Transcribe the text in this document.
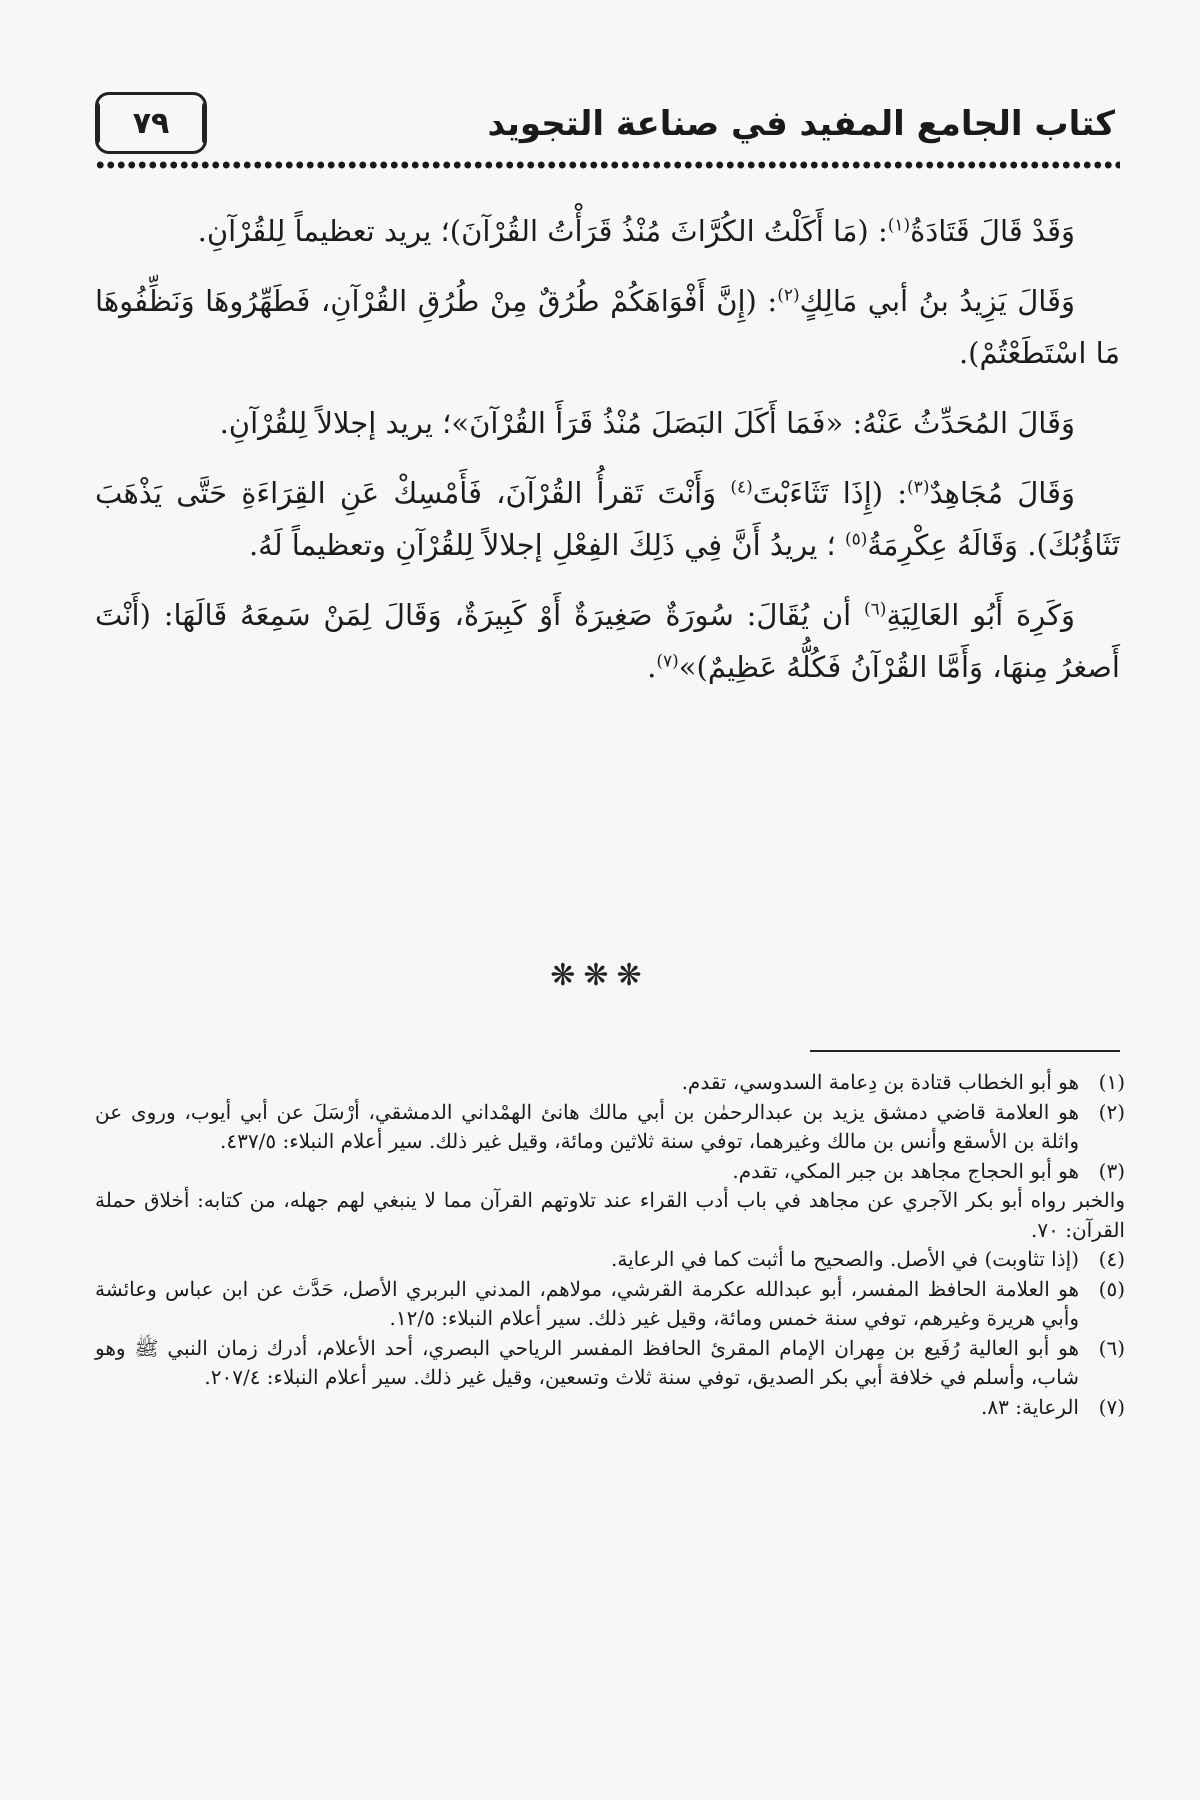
كتاب الجامع المفيد في صناعة التجويد
٧٩

وَقَدْ قَالَ قَتَادَةُ$^{(١)}$: (مَا أَكَلْتُ الكُرَّاثَ مُنْذُ قَرَأْتُ القُرْآنَ)؛ يريد تعظيماً لِلقُرْآنِ.

وَقَالَ يَزِيدُ بنُ أبي مَالِكٍ$^{(٢)}$: (إِنَّ أَفْوَاهَكُمْ طُرُقٌ مِنْ طُرُقِ القُرْآنِ، فَطَهِّرُوهَا وَنَظِّفُوهَا مَا اسْتَطَعْتُمْ).

وَقَالَ المُحَدِّثُ عَنْهُ: «فَمَا أَكَلَ البَصَلَ مُنْذُ قَرَأَ القُرْآنَ»؛ يريد إجلالاً لِلقُرْآنِ.

وَقَالَ مُجَاهِدٌ$^{(٣)}$: (إِذَا تَثَاءَبْتَ$^{(٤)}$ وَأَنْتَ تَقرأُ القُرْآنَ، فَأَمْسِكْ عَنِ القِرَاءَةِ حَتَّى يَذْهَبَ تَثَاؤُبُكَ). وَقَالَهُ عِكْرِمَةُ$^{(٥)}$ ؛ يريدُ أَنَّ فِي ذَلِكَ الفِعْلِ إجلالاً لِلقُرْآنِ وتعظيماً لَهُ.

وَكَرِهَ أَبُو العَالِيَةِ$^{(٦)}$ أن يُقَالَ: سُورَةٌ صَغِيرَةٌ أَوْ كَبِيرَةٌ، وَقَالَ لِمَنْ سَمِعَهُ قَالَهَا: (أَنْتَ أَصغرُ مِنهَا، وَأَمَّا القُرْآنُ فَكُلُّهُ عَظِيمٌ)»$^{(٧)}$.

❋❋❋
(١)

هو أبو الخطاب قتادة بن دِعامة السدوسي، تقدم.

(٢)

هو العلامة قاضي دمشق يزيد بن عبدالرحمٰن بن أبي مالك هانئ الهمْداني الدمشقي، أرْسَلَ عن أبي أيوب، وروى عن واثلة بن الأسقع وأنس بن مالك وغيرهما، توفي سنة ثلاثين ومائة، وقيل غير ذلك. سير أعلام النبلاء: ٤٣٧/٥.

(٣)

هو أبو الحجاج مجاهد بن جبر المكي، تقدم.

والخبر رواه أبو بكر الآجري عن مجاهد في باب أدب القراء عند تلاوتهم القرآن مما لا ينبغي لهم جهله، من كتابه: أخلاق حملة القرآن: ٧٠.

(٤)

(إذا تثاوبت) في الأصل. والصحيح ما أثبت كما في الرعاية.

(٥)

هو العلامة الحافظ المفسر، أبو عبدالله عكرمة القرشي، مولاهم، المدني البربري الأصل، حَدَّث عن ابن عباس وعائشة وأبي هريرة وغيرهم، توفي سنة خمس ومائة، وقيل غير ذلك. سير أعلام النبلاء: ١٢/٥.

(٦)

هو أبو العالية رُفَيع بن مِهران الإمام المقرئ الحافظ المفسر الرياحي البصري، أحد الأعلام، أدرك زمان النبي ﷺ وهو شاب، وأسلم في خلافة أبي بكر الصديق، توفي سنة ثلاث وتسعين، وقيل غير ذلك. سير أعلام النبلاء: ٢٠٧/٤.

(٧)

الرعاية: ٨٣.
